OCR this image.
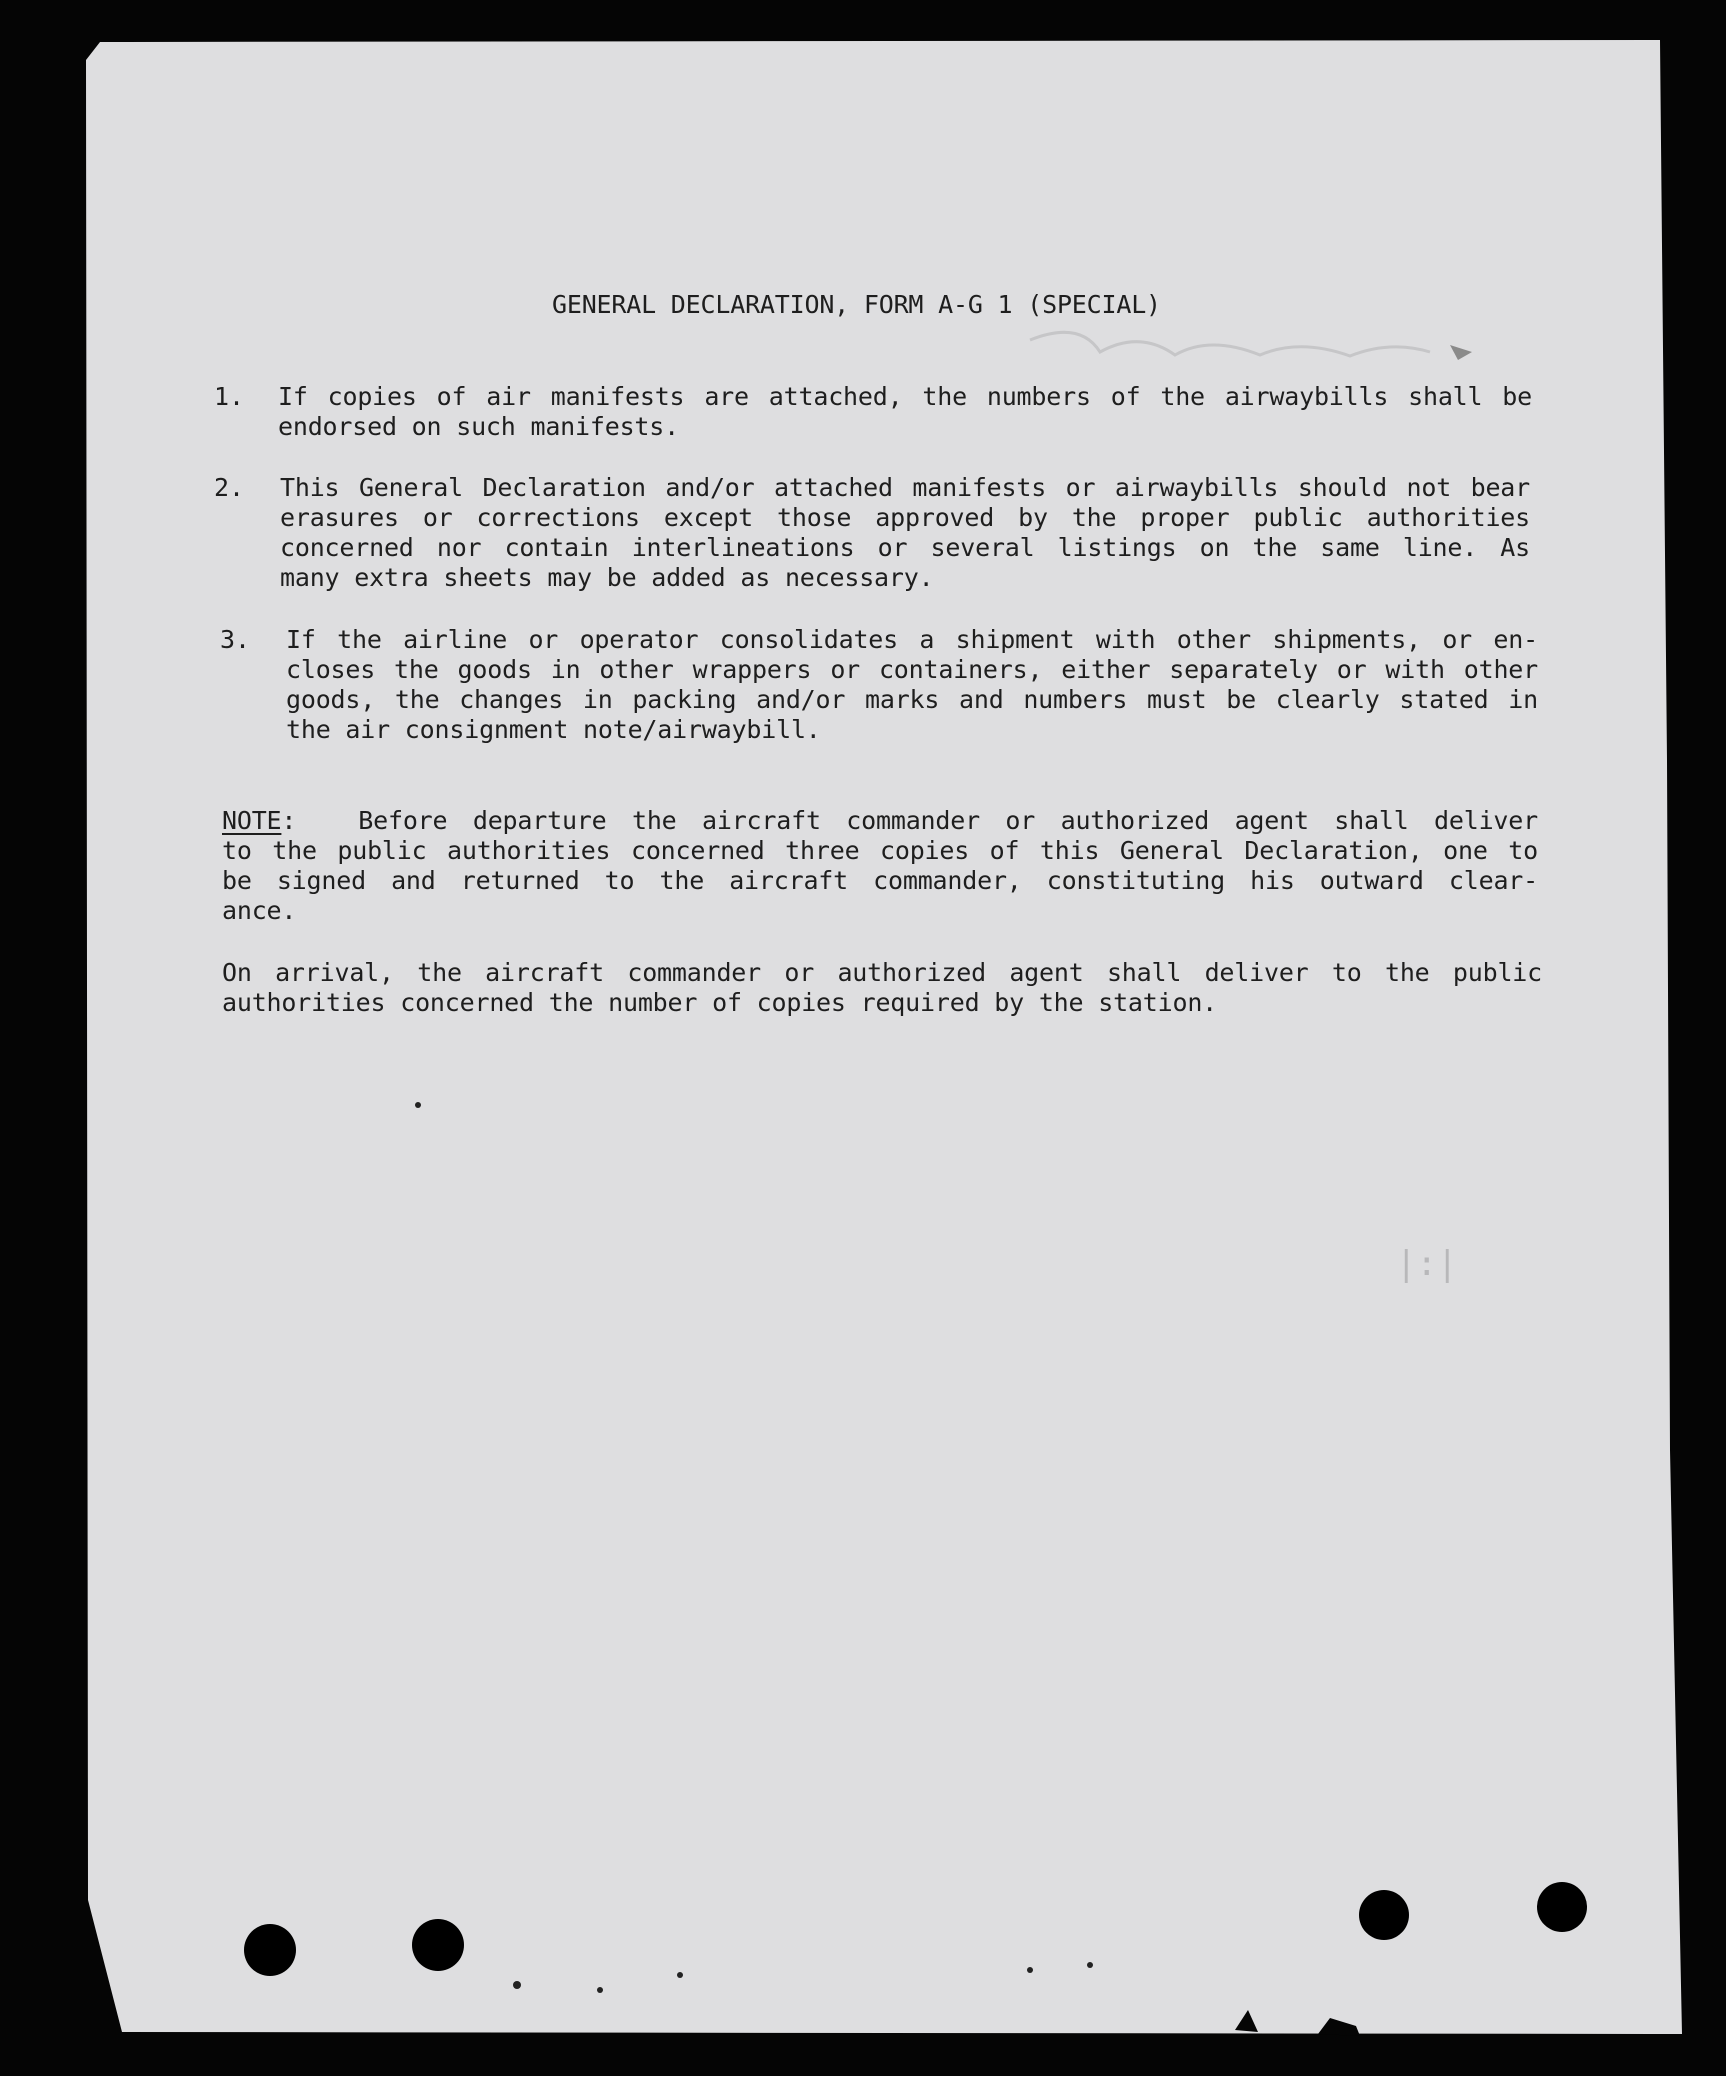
|:|
GENERAL DECLARATION, FORM A-G 1 (SPECIAL)
1. If copies of air manifests are attached, the numbers of the airwaybills shall be
endorsed on such manifests.
2. This General Declaration and/or attached manifests or airwaybills should not bear
erasures or corrections except those approved by the proper public authorities
concerned nor contain interlineations or several listings on the same line. As
many extra sheets may be added as necessary.
3. If the airline or operator consolidates a shipment with other shipments, or en-
closes the goods in other wrappers or containers, either separately or with other
goods, the changes in packing and/or marks and numbers must be clearly stated in
the air consignment note/airwaybill.
NOTE: Before departure the aircraft commander or authorized agent shall deliver
to the public authorities concerned three copies of this General Declaration, one to
be signed and returned to the aircraft commander, constituting his outward clear-
ance.
On arrival, the aircraft commander or authorized agent shall deliver to the public
authorities concerned the number of copies required by the station.
